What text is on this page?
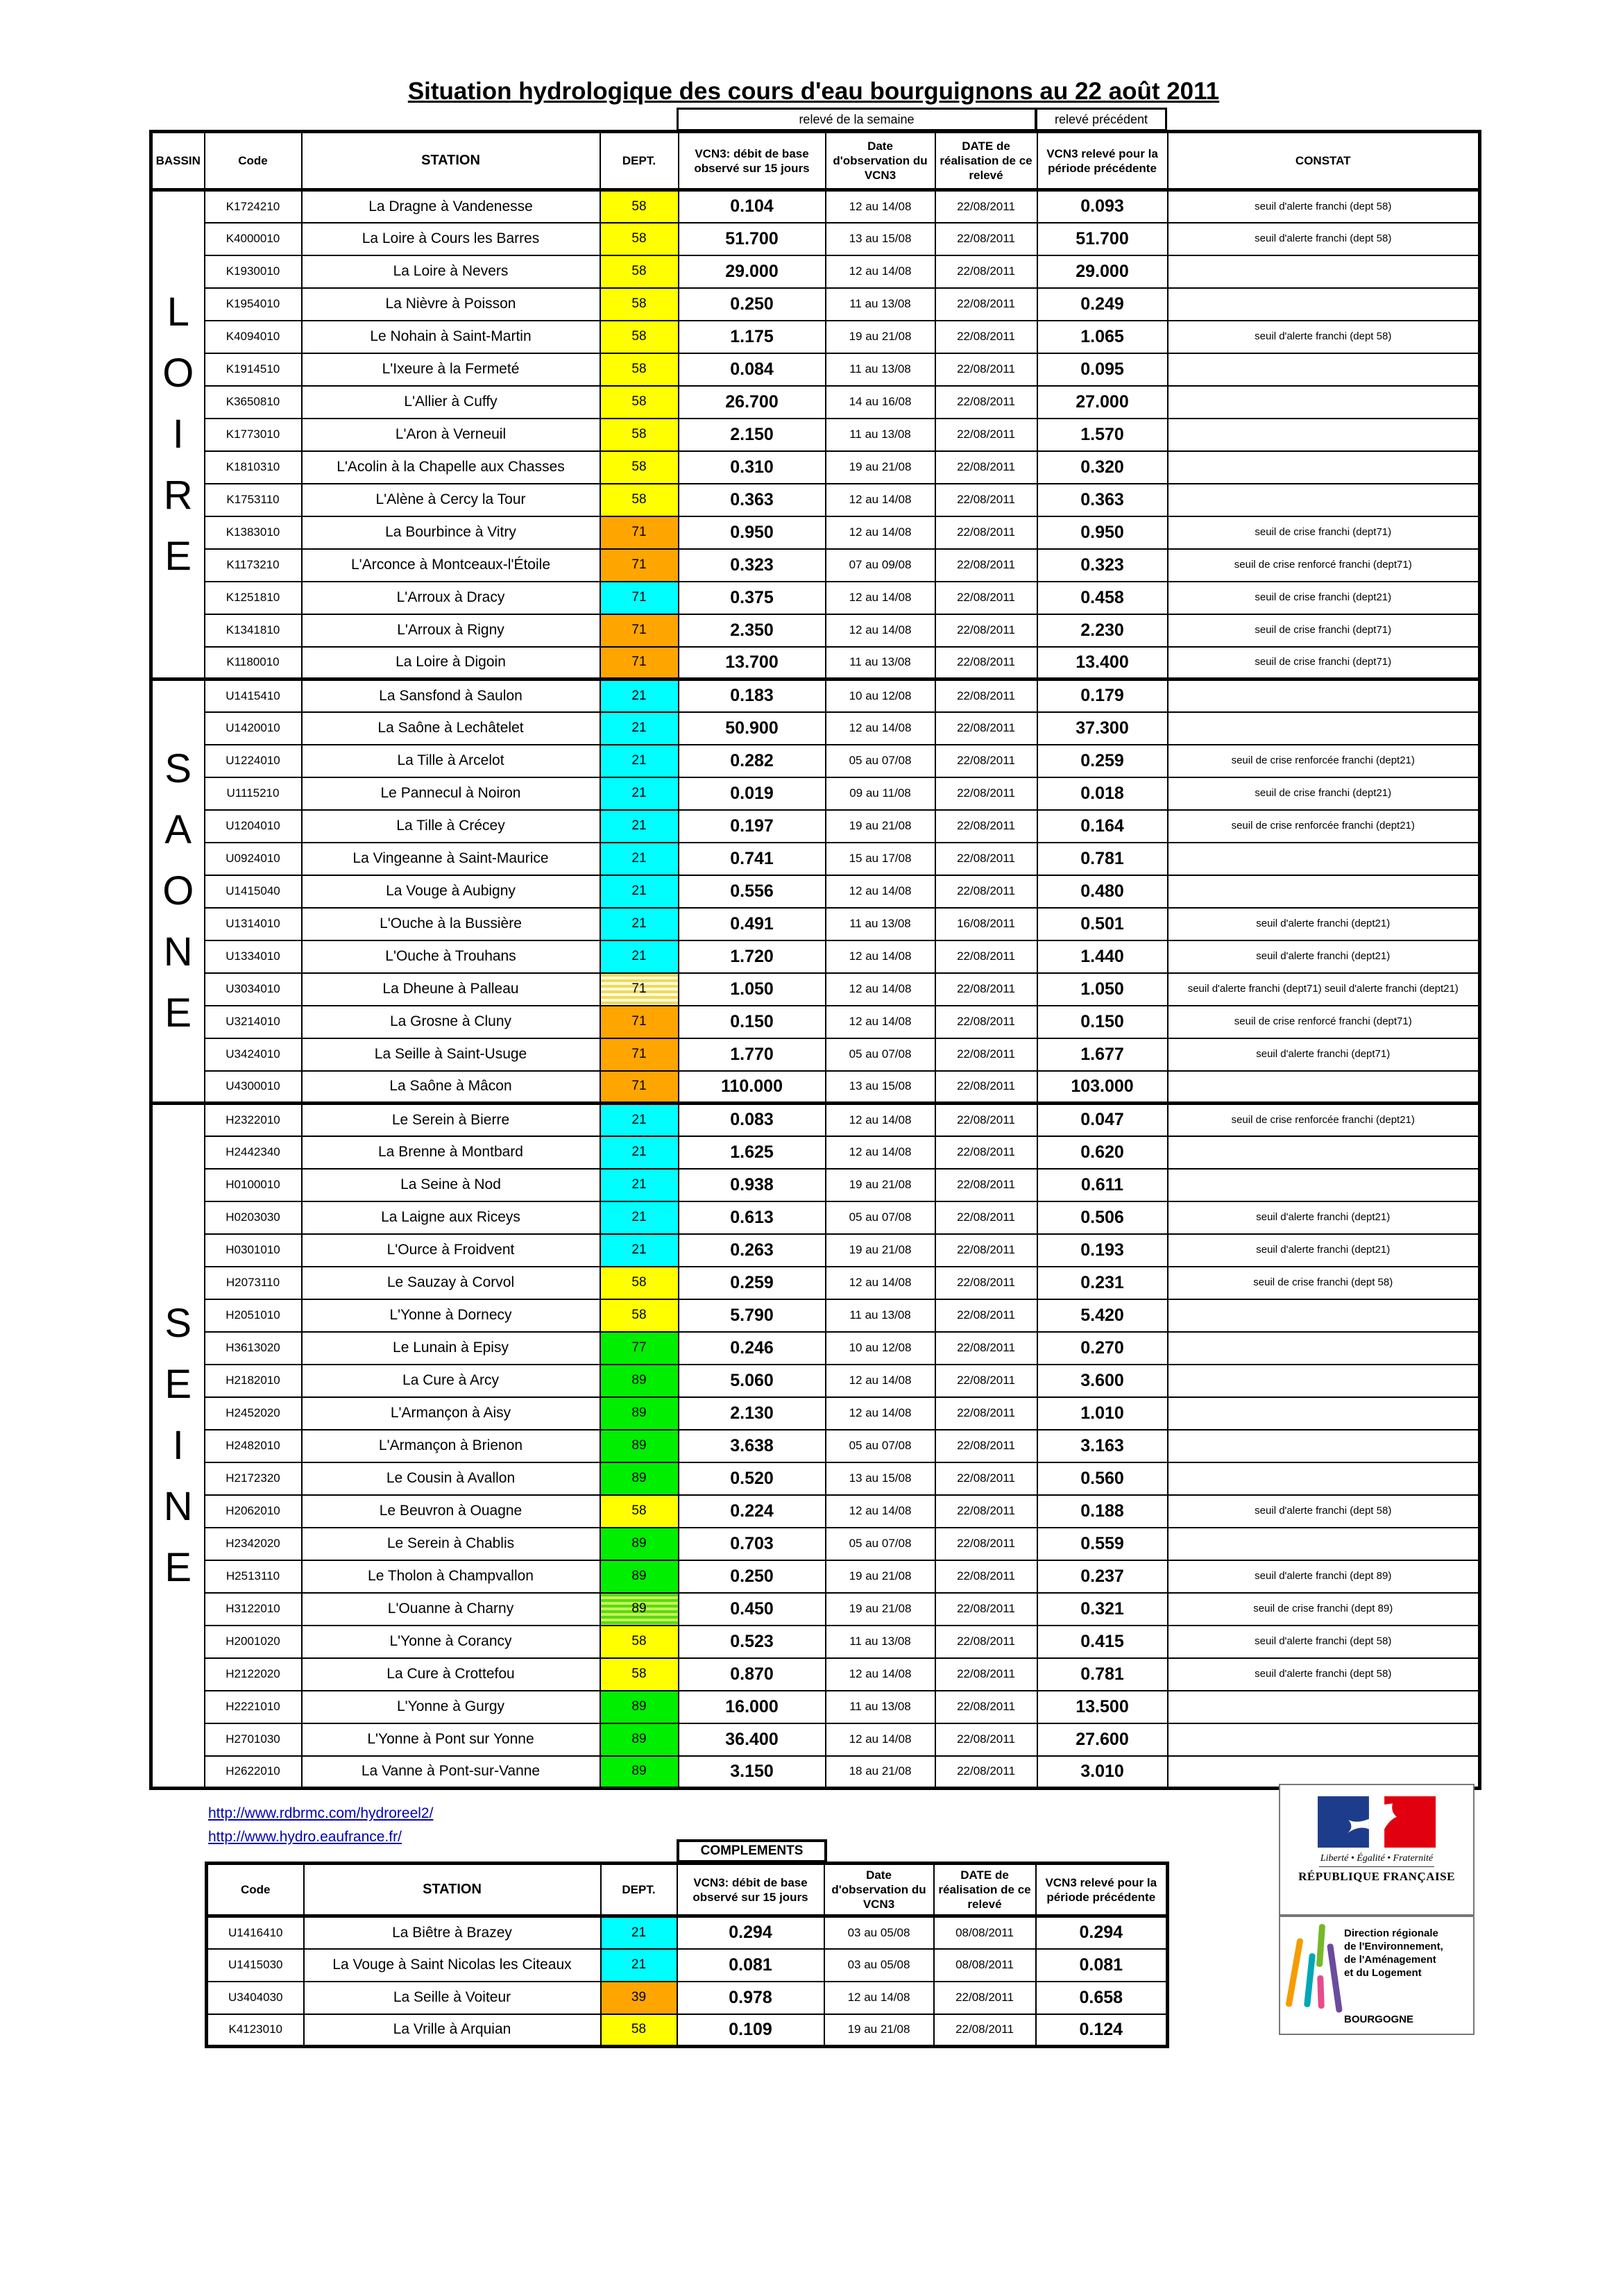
Situation hydrologique des cours d'eau bourguignons au 22 août 2011
relevé de la semaine	relevé précédent
BASSIN	Code	STATION	DEPT.	VCN3: débit de base observé sur 15 jours	Date d'observation du VCN3	DATE de réalisation de ce relevé	VCN3 relevé pour la période précédente	CONSTAT

L
O
I
R
E	K1724210	La Dragne à Vandenesse	58	0.104	12 au 14/08	22/08/2011	0.093	seuil d'alerte franchi (dept 58)
	K4000010	La Loire à Cours les Barres	58	51.700	13 au 15/08	22/08/2011	51.700	seuil d'alerte franchi (dept 58)
	K1930010	La Loire à Nevers	58	29.000	12 au 14/08	22/08/2011	29.000	
	K1954010	La Nièvre à Poisson	58	0.250	11 au 13/08	22/08/2011	0.249	
	K4094010	Le Nohain à Saint-Martin	58	1.175	19 au 21/08	22/08/2011	1.065	seuil d'alerte franchi (dept 58)
	K1914510	L'Ixeure à la Fermeté	58	0.084	11 au 13/08	22/08/2011	0.095	
	K3650810	L'Allier à Cuffy	58	26.700	14 au 16/08	22/08/2011	27.000	
	K1773010	L'Aron à Verneuil	58	2.150	11 au 13/08	22/08/2011	1.570	
	K1810310	L'Acolin à la Chapelle aux Chasses	58	0.310	19 au 21/08	22/08/2011	0.320	
	K1753110	L'Alène à Cercy la Tour	58	0.363	12 au 14/08	22/08/2011	0.363	
	K1383010	La Bourbince à Vitry	71	0.950	12 au 14/08	22/08/2011	0.950	seuil de crise franchi (dept71)
	K1173210	L'Arconce à Montceaux-l'Étoile	71	0.323	07 au 09/08	22/08/2011	0.323	seuil de crise renforcé franchi (dept71)
	K1251810	L'Arroux à Dracy	71	0.375	12 au 14/08	22/08/2011	0.458	seuil de crise franchi (dept21)
	K1341810	L'Arroux à Rigny	71	2.350	12 au 14/08	22/08/2011	2.230	seuil de crise franchi (dept71)
	K1180010	La Loire à Digoin	71	13.700	11 au 13/08	22/08/2011	13.400	seuil de crise franchi (dept71)

S
A
O
N
E	U1415410	La Sansfond à Saulon	21	0.183	10 au 12/08	22/08/2011	0.179	
	U1420010	La Saône à Lechâtelet	21	50.900	12 au 14/08	22/08/2011	37.300	
	U1224010	La Tille à Arcelot	21	0.282	05 au 07/08	22/08/2011	0.259	seuil de crise renforcée franchi (dept21)
	U1115210	Le Pannecul à Noiron	21	0.019	09 au 11/08	22/08/2011	0.018	seuil de crise franchi (dept21)
	U1204010	La Tille à Crécey	21	0.197	19 au 21/08	22/08/2011	0.164	seuil de crise renforcée franchi (dept21)
	U0924010	La Vingeanne à Saint-Maurice	21	0.741	15 au 17/08	22/08/2011	0.781	
	U1415040	La Vouge à Aubigny	21	0.556	12 au 14/08	22/08/2011	0.480	
	U1314010	L'Ouche à la Bussière	21	0.491	11 au 13/08	16/08/2011	0.501	seuil d'alerte franchi (dept21)
	U1334010	L'Ouche à Trouhans	21	1.720	12 au 14/08	22/08/2011	1.440	seuil d'alerte franchi (dept21)
	U3034010	La Dheune à Palleau	71	1.050	12 au 14/08	22/08/2011	1.050	seuil d'alerte franchi (dept71) seuil d'alerte franchi (dept21)
	U3214010	La Grosne à Cluny	71	0.150	12 au 14/08	22/08/2011	0.150	seuil de crise renforcé franchi (dept71)
	U3424010	La Seille à Saint-Usuge	71	1.770	05 au 07/08	22/08/2011	1.677	seuil d'alerte franchi (dept71)
	U4300010	La Saône à Mâcon	71	110.000	13 au 15/08	22/08/2011	103.000	

S
E
I
N
E	H2322010	Le Serein à Bierre	21	0.083	12 au 14/08	22/08/2011	0.047	seuil de crise renforcée franchi (dept21)
	H2442340	La Brenne à Montbard	21	1.625	12 au 14/08	22/08/2011	0.620	
	H0100010	La Seine à Nod	21	0.938	19 au 21/08	22/08/2011	0.611	
	H0203030	La Laigne aux Riceys	21	0.613	05 au 07/08	22/08/2011	0.506	seuil d'alerte franchi (dept21)
	H0301010	L'Ource à Froidvent	21	0.263	19 au 21/08	22/08/2011	0.193	seuil d'alerte franchi (dept21)
	H2073110	Le Sauzay à Corvol	58	0.259	12 au 14/08	22/08/2011	0.231	seuil de crise franchi (dept 58)
	H2051010	L'Yonne à Dornecy	58	5.790	11 au 13/08	22/08/2011	5.420	
	H3613020	Le Lunain à Episy	77	0.246	10 au 12/08	22/08/2011	0.270	
	H2182010	La Cure à Arcy	89	5.060	12 au 14/08	22/08/2011	3.600	
	H2452020	L'Armançon à Aisy	89	2.130	12 au 14/08	22/08/2011	1.010	
	H2482010	L'Armançon à Brienon	89	3.638	05 au 07/08	22/08/2011	3.163	
	H2172320	Le Cousin à Avallon	89	0.520	13 au 15/08	22/08/2011	0.560	
	H2062010	Le Beuvron à Ouagne	58	0.224	12 au 14/08	22/08/2011	0.188	seuil d'alerte franchi (dept 58)
	H2342020	Le Serein à Chablis	89	0.703	05 au 07/08	22/08/2011	0.559	
	H2513110	Le Tholon à Champvallon	89	0.250	19 au 21/08	22/08/2011	0.237	seuil d'alerte franchi (dept 89)
	H3122010	L'Ouanne à Charny	89	0.450	19 au 21/08	22/08/2011	0.321	seuil de crise franchi (dept 89)
	H2001020	L'Yonne à Corancy	58	0.523	11 au 13/08	22/08/2011	0.415	seuil d'alerte franchi (dept 58)
	H2122020	La Cure à Crottefou	58	0.870	12 au 14/08	22/08/2011	0.781	seuil d'alerte franchi (dept 58)
	H2221010	L'Yonne à Gurgy	89	16.000	11 au 13/08	22/08/2011	13.500	
	H2701030	L'Yonne à Pont sur Yonne	89	36.400	12 au 14/08	22/08/2011	27.600	
	H2622010	La Vanne à Pont-sur-Vanne	89	3.150	18 au 21/08	22/08/2011	3.010	
http://www.rdbrmc.com/hydroreel2/
http://www.hydro.eaufrance.fr/
COMPLEMENTS
Code	STATION	DEPT.	VCN3: débit de base observé sur 15 jours	Date d'observation du VCN3	DATE de réalisation de ce relevé	VCN3 relevé pour la période précédente
U1416410	La Biêtre à Brazey	21	0.294	03 au 05/08	08/08/2011	0.294
U1415030	La Vouge à Saint Nicolas les Citeaux	21	0.081	03 au 05/08	08/08/2011	0.081
U3404030	La Seille à Voiteur	39	0.978	12 au 14/08	22/08/2011	0.658
K4123010	La Vrille à Arquian	58	0.109	19 au 21/08	22/08/2011	0.124
Liberté • Égalité • Fraternité
RÉPUBLIQUE FRANÇAISE
Direction régionale
de l'Environnement,
de l'Aménagement
et du Logement
BOURGOGNE
